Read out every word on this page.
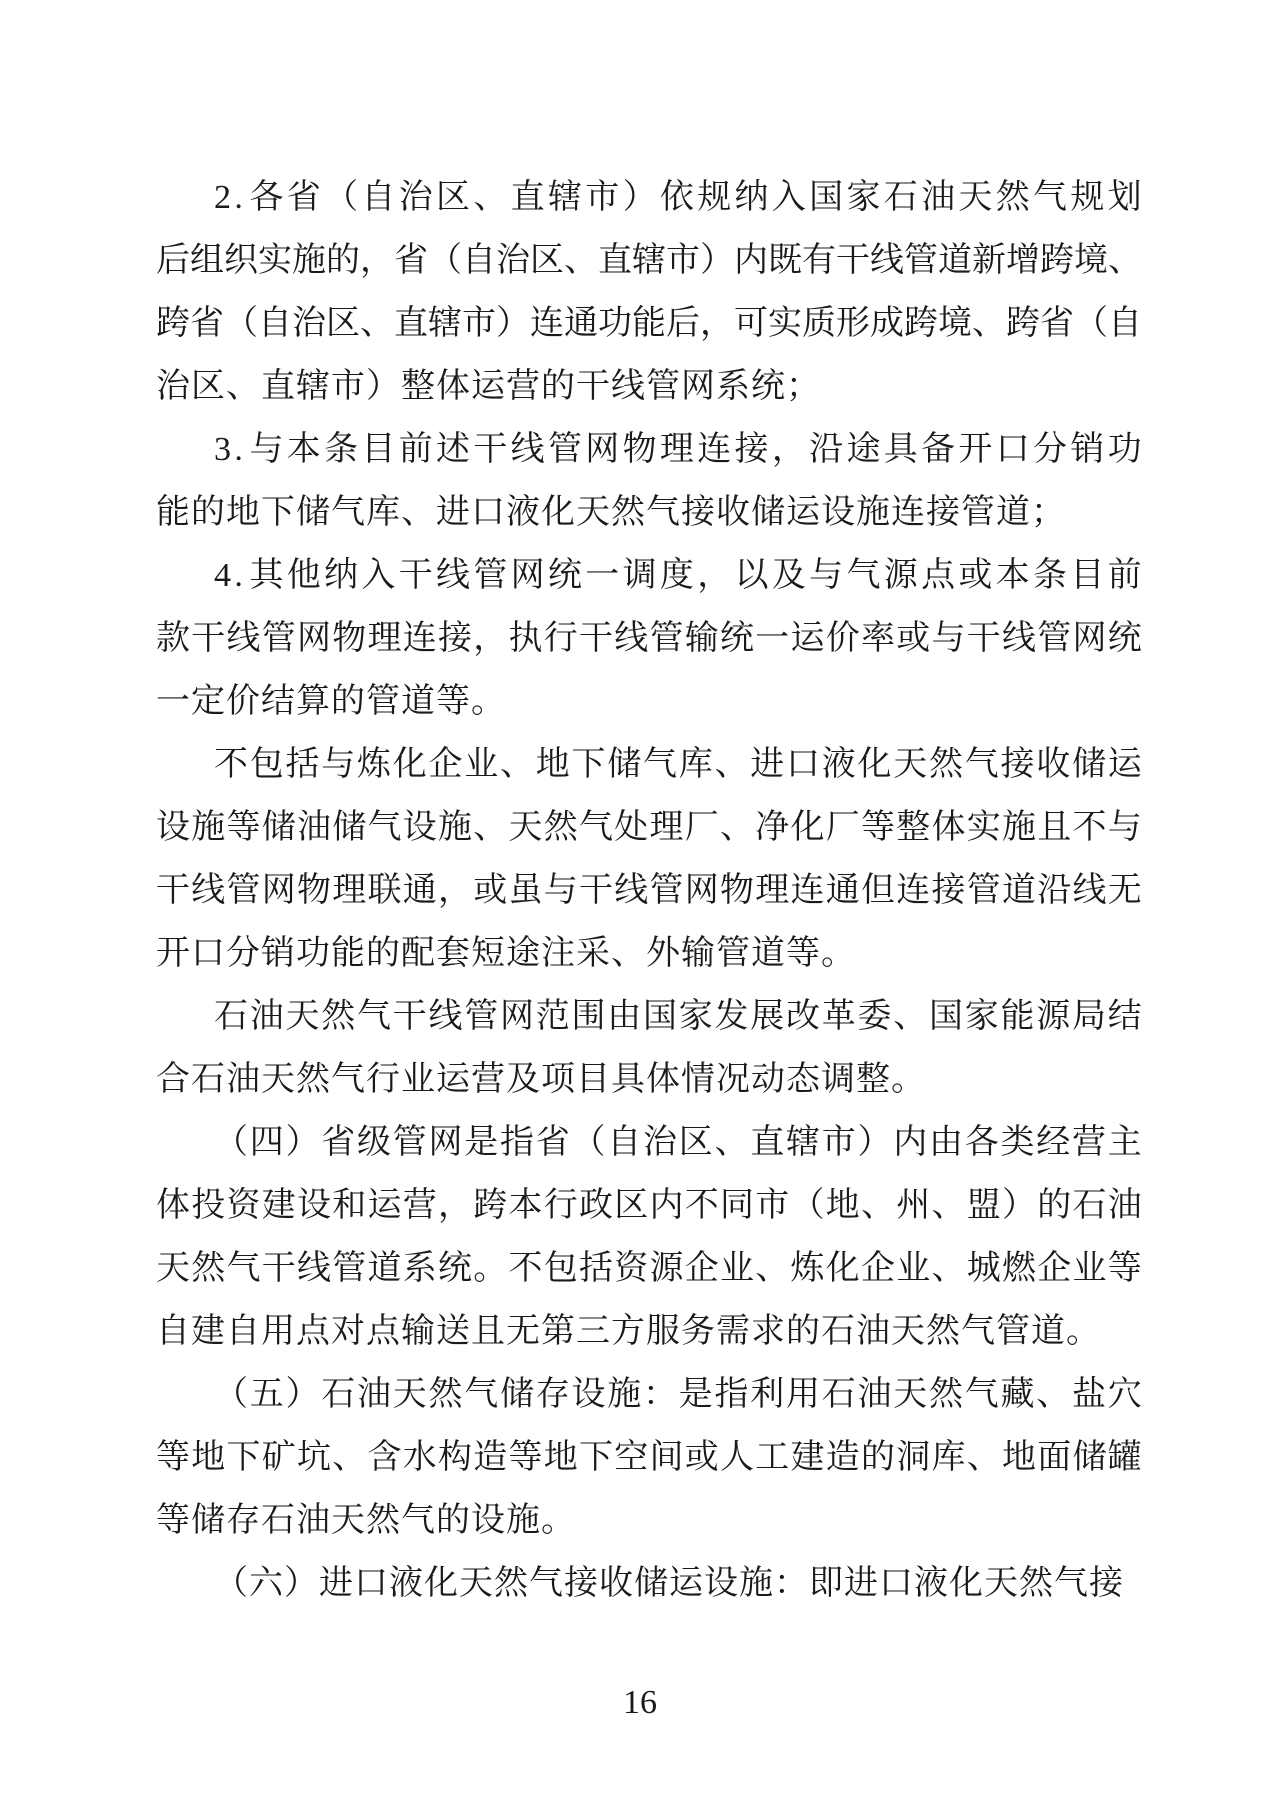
2 . 各 省 （ 自 治 区 、 直 辖 市 ） 依 规 纳 入 国 家 石 油 天 然 气 规 划
后 组 织 实 施 的 ， 省 （ 自 治 区 、 直 辖 市 ） 内 既 有 干 线 管 道 新 增 跨 境 、
跨 省 （ 自 治 区 、 直 辖 市 ） 连 通 功 能 后 ， 可 实 质 形 成 跨 境 、 跨 省 （ 自
治区、直辖市）整体运营的干线管网系统；
3 . 与 本 条 目 前 述 干 线 管 网 物 理 连 接 ， 沿 途 具 备 开 口 分 销 功
能的地下储气库、进口液化天然气接收储运设施连接管道；
4 . 其 他 纳 入 干 线 管 网 统 一 调 度 ， 以 及 与 气 源 点 或 本 条 目 前
款 干 线 管 网 物 理 连 接 ， 执 行 干 线 管 输 统 一 运 价 率 或 与 干 线 管 网 统
一定价结算的管道等。
不 包 括 与 炼 化 企 业 、 地 下 储 气 库 、 进 口 液 化 天 然 气 接 收 储 运
设 施 等 储 油 储 气 设 施 、 天 然 气 处 理 厂 、 净 化 厂 等 整 体 实 施 且 不 与
干 线 管 网 物 理 联 通 ， 或 虽 与 干 线 管 网 物 理 连 通 但 连 接 管 道 沿 线 无
开口分销功能的配套短途注采、外输管道等。
石 油 天 然 气 干 线 管 网 范 围 由 国 家 发 展 改 革 委 、 国 家 能 源 局 结
合石油天然气行业运营及项目具体情况动态调整。
（ 四 ） 省 级 管 网 是 指 省 （ 自 治 区 、 直 辖 市 ） 内 由 各 类 经 营 主
体 投 资 建 设 和 运 营 ， 跨 本 行 政 区 内 不 同 市 （ 地 、 州 、 盟 ） 的 石 油
天 然 气 干 线 管 道 系 统 。 不 包 括 资 源 企 业 、 炼 化 企 业 、 城 燃 企 业 等
自建自用点对点输送且无第三方服务需求的石油天然气管道。
（ 五 ） 石 油 天 然 气 储 存 设 施 ： 是 指 利 用 石 油 天 然 气 藏 、 盐 穴
等 地 下 矿 坑 、 含 水 构 造 等 地 下 空 间 或 人 工 建 造 的 洞 库 、 地 面 储 罐
等储存石油天然气的设施。
（六）进口液化天然气接收储运设施：即进口液化天然气接
16
